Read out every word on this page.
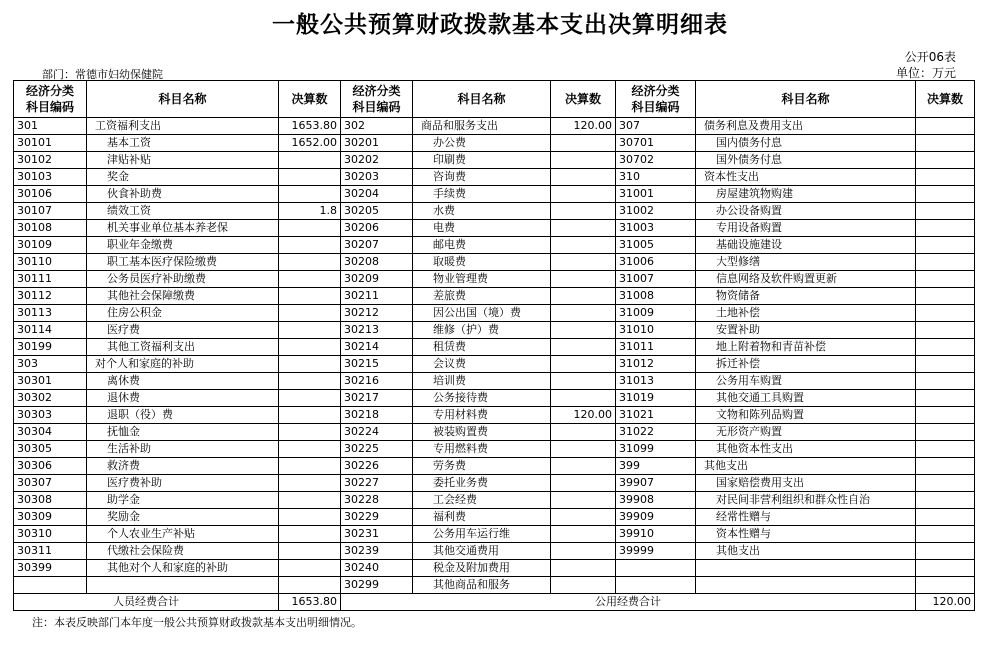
一般公共预算财政拨款基本支出决算明细表
公开06表
部门：常德市妇幼保健院	单位：万元
经济分类
科目编码	科目名称	决算数	经济分类
科目编码	科目名称	决算数	经济分类
科目编码	科目名称	决算数
301	工资福利支出	1653.80	302	商品和服务支出	120.00	307	债务利息及费用支出	
30101	基本工资	1652.00	30201	办公费		30701	国内债务付息	
30102	津贴补贴		30202	印刷费		30702	国外债务付息	
30103	奖金		30203	咨询费		310	资本性支出	
30106	伙食补助费		30204	手续费		31001	房屋建筑物购建	
30107	绩效工资	1.8	30205	水费		31002	办公设备购置	
30108	机关事业单位基本养老保		30206	电费		31003	专用设备购置	
30109	职业年金缴费		30207	邮电费		31005	基础设施建设	
30110	职工基本医疗保险缴费		30208	取暖费		31006	大型修缮	
30111	公务员医疗补助缴费		30209	物业管理费		31007	信息网络及软件购置更新	
30112	其他社会保障缴费		30211	差旅费		31008	物资储备	
30113	住房公积金		30212	因公出国（境）费		31009	土地补偿	
30114	医疗费		30213	维修（护）费		31010	安置补助	
30199	其他工资福利支出		30214	租赁费		31011	地上附着物和青苗补偿	
303	对个人和家庭的补助		30215	会议费		31012	拆迁补偿	
30301	离休费		30216	培训费		31013	公务用车购置	
30302	退休费		30217	公务接待费		31019	其他交通工具购置	
30303	退职（役）费		30218	专用材料费	120.00	31021	文物和陈列品购置	
30304	抚恤金		30224	被装购置费		31022	无形资产购置	
30305	生活补助		30225	专用燃料费		31099	其他资本性支出	
30306	救济费		30226	劳务费		399	其他支出	
30307	医疗费补助		30227	委托业务费		39907	国家赔偿费用支出	
30308	助学金		30228	工会经费		39908	对民间非营利组织和群众性自治	
30309	奖励金		30229	福利费		39909	经常性赠与	
30310	个人农业生产补贴		30231	公务用车运行维		39910	资本性赠与	
30311	代缴社会保险费		30239	其他交通费用		39999	其他支出	
30399	其他对个人和家庭的补助		30240	税金及附加费用				
			30299	其他商品和服务				
人员经费合计		1653.80	公用经费合计					120.00
注：本表反映部门本年度一般公共预算财政拨款基本支出明细情况。
